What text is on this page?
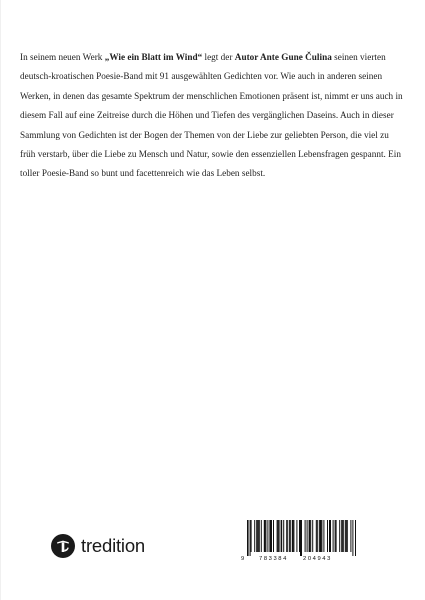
In seinem neuen Werk „Wie ein Blatt im Wind“ legt der Autor Ante Gune Čulina seinen vierten deutsch-kroatischen Poesie-Band mit 91 ausgewählten Gedichten vor. Wie auch in anderen seinen Werken, in denen das gesamte Spektrum der menschlichen Emotionen präsent ist, nimmt er uns auch in diesem Fall auf eine Zeitreise durch die Höhen und Tiefen des vergänglichen Daseins. Auch in dieser Sammlung von Gedichten ist der Bogen der Themen von der Liebe zur geliebten Person, die viel zu früh verstarb, über die Liebe zu Mensch und Natur, sowie den essenziellen Lebensfragen gespannt. Ein toller Poesie-Band so bunt und facettenreich wie das Leben selbst.

tredition
9	783384	204943
